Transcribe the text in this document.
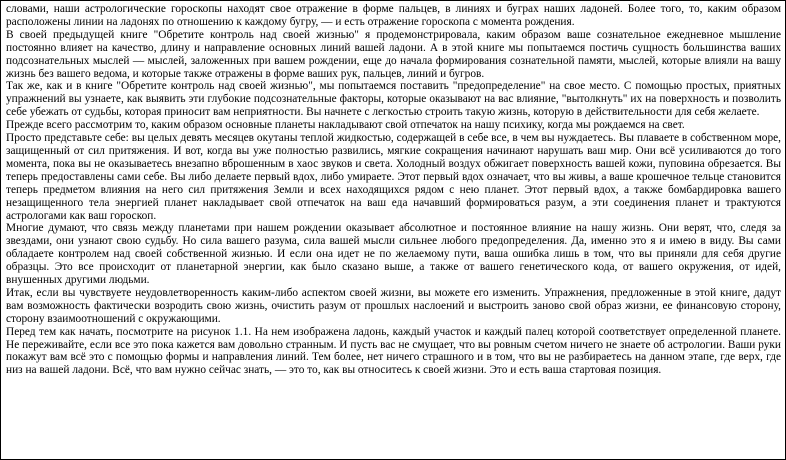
словами, наши астрологические гороскопы находят свое отражение в форме пальцев, в линиях и буграх наших ладоней. Более того, то, каким образом расположены линии на ладонях по отношению к каждому бугру, — и есть отражение гороскопа с момента рождения.

В своей предыдущей книге "Обретите контроль над своей жизнью" я продемонстрировала, каким образом ваше сознательное ежедневное мышление постоянно влияет на качество, длину и направление основных линий вашей ладони. А в этой книге мы попытаемся постичь сущность большинства ваших подсознательных мыслей — мыслей, заложенных при вашем рождении, еще до начала формирования сознательной памяти, мыслей, которые влияли на вашу жизнь без вашего ведома, и которые также отражены в форме ваших рук, пальцев, линий и бугров.

Так же, как и в книге "Обретите контроль над своей жизнью", мы попытаемся поставить "предопределение" на свое место. С помощью простых, приятных упражнений вы узнаете, как выявить эти глубокие подсознательные факторы, которые оказывают на вас влияние, "вытолкнуть" их на поверхность и позволить себе убежать от судьбы, которая приносит вам неприятности. Вы начнете с легкостью строить такую жизнь, которую в действительности для себя желаете.

Прежде всего рассмотрим то, каким образом основные планеты накладывают свой отпечаток на нашу психику, когда мы рождаемся на свет.

Просто представьте себе: вы целых девять месяцев окутаны теплой жидкостью, содержащей в себе все, в чем вы нуждаетесь. Вы плаваете в собственном море, защищенный от сил притяжения. И вот, когда вы уже полностью развились, мягкие сокращения начинают нарушать ваш мир. Они всё усиливаются до того момента, пока вы не оказываетесь внезапно вброшенным в хаос звуков и света. Холодный воздух обжигает поверхность вашей кожи, пуповина обрезается. Вы теперь предоставлены сами себе. Вы либо делаете первый вдох, либо умираете. Этот первый вдох означает, что вы живы, а ваше крошечное тельце становится теперь предметом влияния на него сил притяжения Земли и всех находящихся рядом с нею планет. Этот первый вдох, а также бомбардировка вашего незащищенного тела энергией планет накладывает свой отпечаток на ваш еда начавший формироваться разум, а эти соединения планет и трактуются астрологами как ваш гороскоп.

Многие думают, что связь между планетами при нашем рождении оказывает абсолютное и постоянное влияние на нашу жизнь. Они верят, что, следя за звездами, они узнают свою судьбу. Но сила вашего разума, сила вашей мысли сильнее любого предопределения. Да, именно это я и имею в виду. Вы сами обладаете контролем над своей собственной жизнью. И если она идет не по желаемому пути, ваша ошибка лишь в том, что вы приняли для себя другие образцы. Это все происходит от планетарной энергии, как было сказано выше, а также от вашего генетического кода, от вашего окружения, от идей, внушенных другими людьми.

Итак, если вы чувствуете неудовлетворенность каким-либо аспектом своей жизни, вы можете его изменить. Упражнения, предложенные в этой книге, дадут вам возможность фактически возродить свою жизнь, очистить разум от прошлых наслоений и выстроить заново свой образ жизни, ее финансовую сторону, сторону взаимоотношений с окружающими.

Перед тем как начать, посмотрите на рисунок 1.1. На нем изображена ладонь, каждый участок и каждый палец которой соответствует определенной планете. Не переживайте, если все это пока кажется вам довольно странным. И пусть вас не смущает, что вы ровным счетом ничего не знаете об астрологии. Ваши руки покажут вам всё это с помощью формы и направления линий. Тем более, нет ничего страшного и в том, что вы не разбираетесь на данном этапе, где верх, где низ на вашей ладони. Всё, что вам нужно сейчас знать, — это то, как вы относитесь к своей жизни. Это и есть ваша стартовая позиция.
